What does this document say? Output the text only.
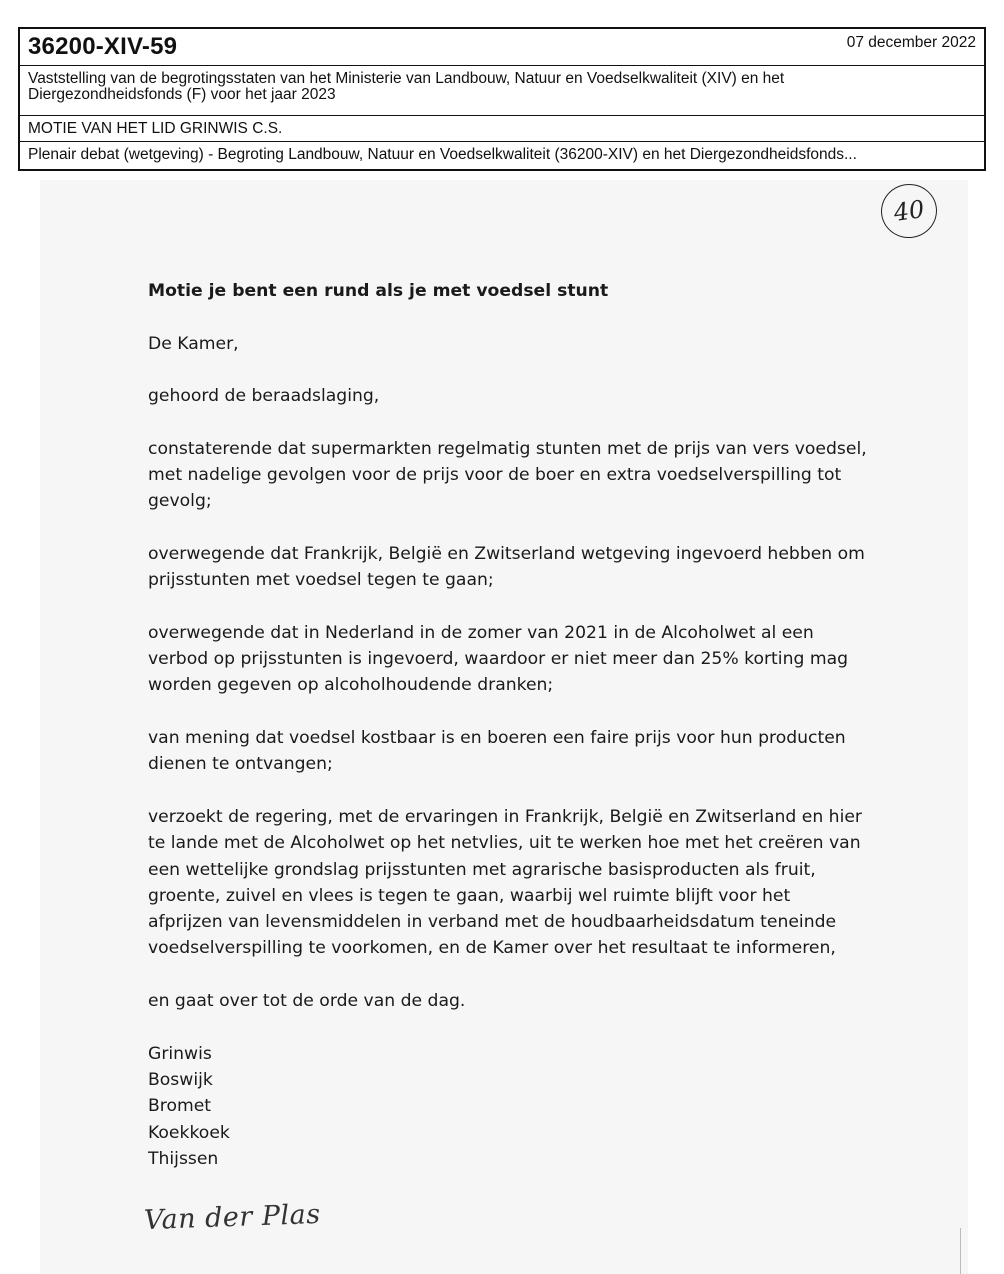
36200-XIV-59	07 december 2022
Vaststelling van de begrotingsstaten van het Ministerie van Landbouw, Natuur en Voedselkwaliteit (XIV) en het
Diergezondheidsfonds (F) voor het jaar 2023
MOTIE VAN HET LID GRINWIS C.S.
Plenair debat (wetgeving) - Begroting Landbouw, Natuur en Voedselkwaliteit (36200-XIV) en het Diergezondheidsfonds...
40

Motie je bent een rund als je met voedsel stunt

De Kamer,

gehoord de beraadslaging,

constaterende dat supermarkten regelmatig stunten met de prijs van vers voedsel, met nadelige gevolgen voor de prijs voor de boer en extra voedselverspilling tot gevolg;

overwegende dat Frankrijk, België en Zwitserland wetgeving ingevoerd hebben om prijsstunten met voedsel tegen te gaan;

overwegende dat in Nederland in de zomer van 2021 in de Alcoholwet al een verbod op prijsstunten is ingevoerd, waardoor er niet meer dan 25% korting mag worden gegeven op alcoholhoudende dranken;

van mening dat voedsel kostbaar is en boeren een faire prijs voor hun producten dienen te ontvangen;

verzoekt de regering, met de ervaringen in Frankrijk, België en Zwitserland en hier te lande met de Alcoholwet op het netvlies, uit te werken hoe met het creëren van een wettelijke grondslag prijsstunten met agrarische basisproducten als fruit, groente, zuivel en vlees is tegen te gaan, waarbij wel ruimte blijft voor het afprijzen van levensmiddelen in verband met de houdbaarheidsdatum teneinde voedselverspilling te voorkomen, en de Kamer over het resultaat te informeren,

en gaat over tot de orde van de dag.

Grinwis
Boswijk
Bromet
Koekkoek
Thijssen
Van der Plas
